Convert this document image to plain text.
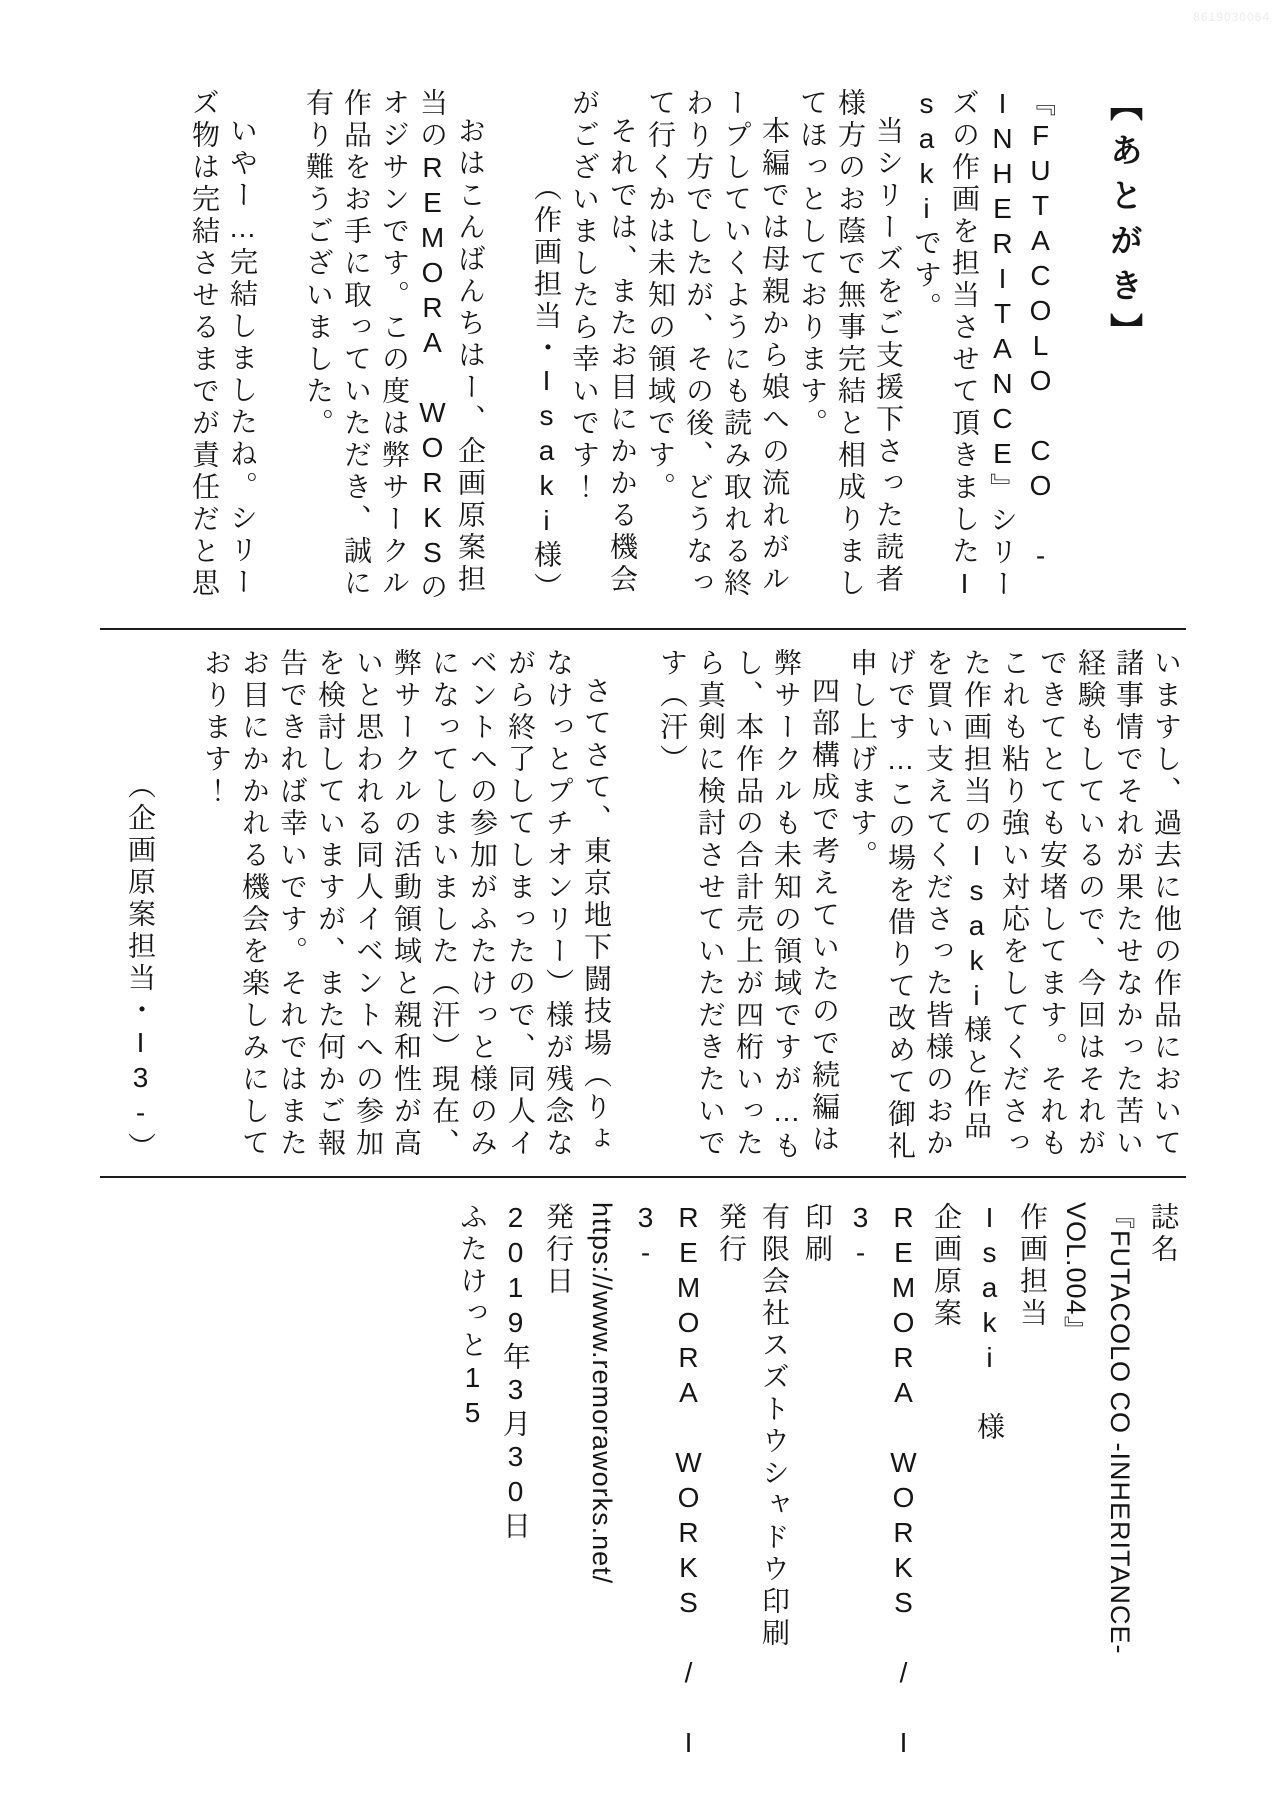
8619030064
【あとがき】

『FUTACOLO CO -INHERITANCE』シリーズの作画を担当させて頂きましたIsakiです。

当シリーズをご支援下さった読者様方のお蔭で無事完結と相成りましてほっとしております。

本編では母親から娘への流れがループしていくようにも読み取れる終わり方でしたが、その後、どうなって行くかは未知の領域です。

それでは、またお目にかかる機会がございましたら幸いです！

（作画担当・Isaki様）

おはこんばんちはー、企画原案担当のREMORA WORKSのオジサンです。この度は弊サークル作品をお手に取っていただき、誠に有り難うございました。

いやー…完結しましたね。シリーズ物は完結させるまでが責任だと思

いますし、過去に他の作品において諸事情でそれが果たせなかった苦い経験もしているので、今回はそれができてとても安堵してます。それもこれも粘り強い対応をしてくださった作画担当のIsaki様と作品を買い支えてくださった皆様のおかげです…この場を借りて改めて御礼申し上げます。

四部構成で考えていたので続編は弊サークルも未知の領域ですが…もし、本作品の合計売上が四桁いったら真剣に検討させていただきたいです（汗）

さてさて、東京地下闘技場（りょなけっとプチオンリー）様が残念ながら終了してしまったので、同人イベントへの参加がふたけっと様のみになってしまいました（汗）現在、弊サークルの活動領域と親和性が高いと思われる同人イベントへの参加を検討していますが、また何かご報告できれば幸いです。それではまたお目にかかれる機会を楽しみにしております！

（企画原案担当・I3-）

誌名
『FUTACOLO CO -INHERITANCE-
VOL.004』

作画担当
Isaki 様

企画原案
REMORA WORKS / I3-

印刷
有限会社スズトウシャドウ印刷

発行
REMORA WORKS / I3-
https://www.remoraworks.net/

発行日
2019年3月30日
ふたけっと15
